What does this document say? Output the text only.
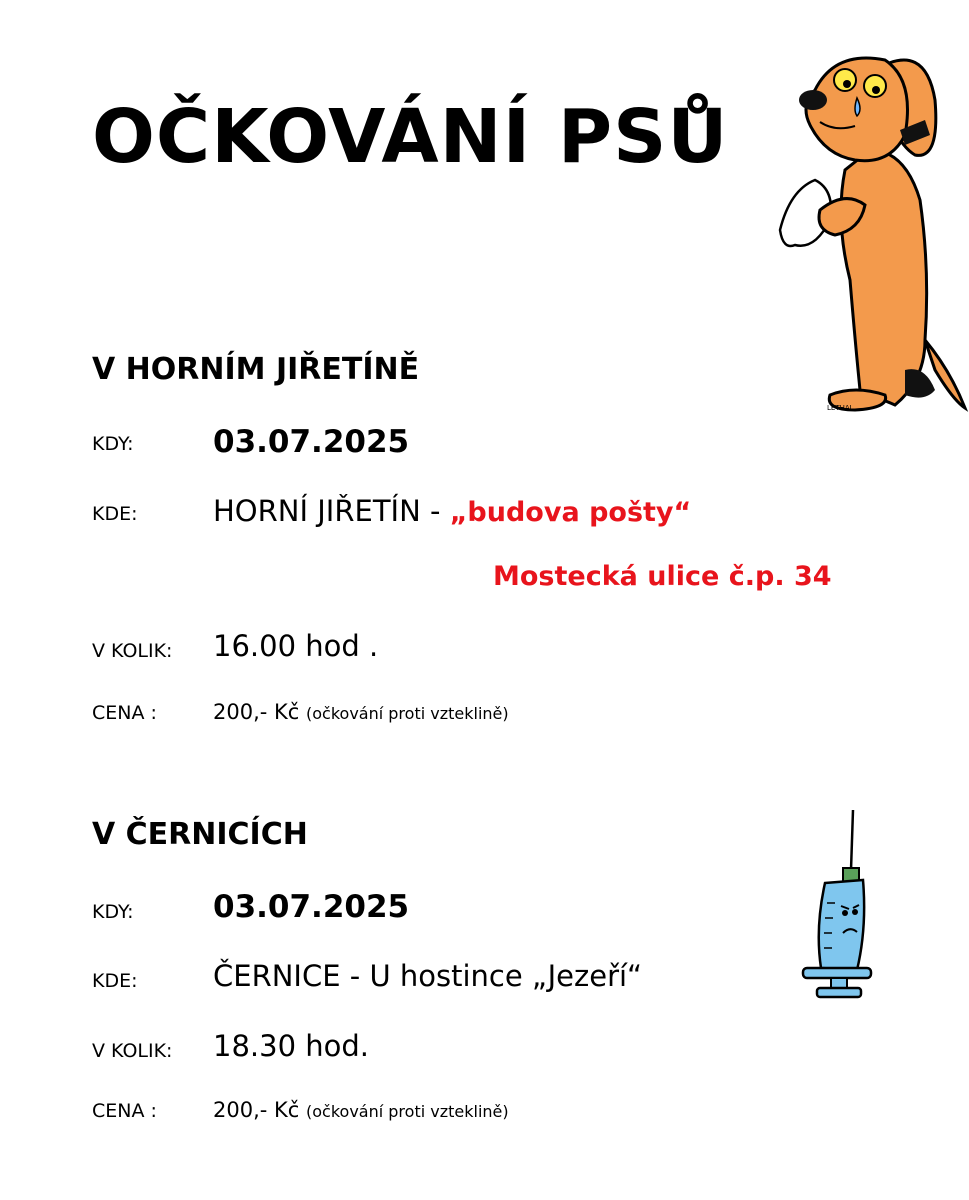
OČKOVÁNÍ PSŮ
LETHAL
V HORNÍM JIŘETÍNĚ
KDY:	03.07.2025
KDE:	HORNÍ JIŘETÍN - „budova pošty“
Mostecká ulice č.p. 34
V KOLIK: 16.00 hod .
CENA :	200,- Kč (očkování proti vzteklině)
V ČERNICÍCH
KDY:	03.07.2025
KDE:	ČERNICE - U hostince „Jezeří“
V KOLIK: 18.30 hod.
CENA :	200,- Kč (očkování proti vzteklině)
